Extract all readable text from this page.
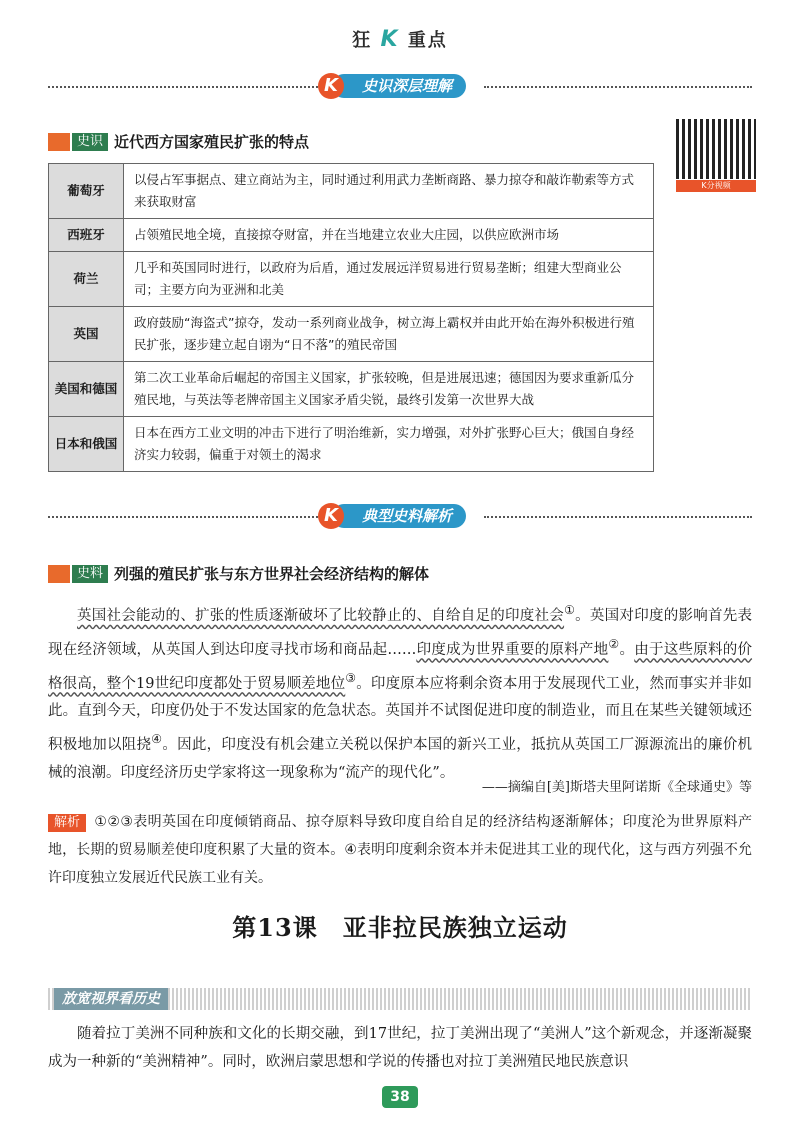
狂 K 重点
史识深层理解
K
史识 近代西方国家殖民扩张的特点
K分视频
葡萄牙	以侵占军事据点、建立商站为主，同时通过利用武力垄断商路、暴力掠夺和敲诈勒索等方式来获取财富
西班牙	占领殖民地全境，直接掠夺财富，并在当地建立农业大庄园，以供应欧洲市场
荷兰	几乎和英国同时进行，以政府为后盾，通过发展远洋贸易进行贸易垄断；组建大型商业公司；主要方向为亚洲和北美
英国	政府鼓励“海盗式”掠夺，发动一系列商业战争，树立海上霸权并由此开始在海外积极进行殖民扩张，逐步建立起自诩为“日不落”的殖民帝国
美国和德国	第二次工业革命后崛起的帝国主义国家，扩张较晚，但是进展迅速；德国因为要求重新瓜分殖民地，与英法等老牌帝国主义国家矛盾尖锐，最终引发第一次世界大战
日本和俄国	日本在西方工业文明的冲击下进行了明治维新，实力增强，对外扩张野心巨大；俄国自身经济实力较弱，偏重于对领土的渴求
典型史料解析
K
史料 列强的殖民扩张与东方世界社会经济结构的解体
英国社会能动的、扩张的性质逐渐破坏了比较静止的、自给自足的印度社会①。英国对印度的影响首先表现在经济领域，从英国人到达印度寻找市场和商品起……印度成为世界重要的原料产地②。由于这些原料的价格很高，整个19世纪印度都处于贸易顺差地位③。印度原本应将剩余资本用于发展现代工业，然而事实并非如此。直到今天，印度仍处于不发达国家的危急状态。英国并不试图促进印度的制造业，而且在某些关键领域还积极地加以阻挠④。因此，印度没有机会建立关税以保护本国的新兴工业，抵抗从英国工厂源源流出的廉价机械的浪潮。印度经济历史学家将这一现象称为“流产的现代化”。
——摘编自[美]斯塔夫里阿诺斯《全球通史》等
解析 ①②③表明英国在印度倾销商品、掠夺原料导致印度自给自足的经济结构逐渐解体；印度沦为世界原料产地，长期的贸易顺差使印度积累了大量的资本。④表明印度剩余资本并未促进其工业的现代化，这与西方列强不允许印度独立发展近代民族工业有关。
第13课　亚非拉民族独立运动
放宽视界看历史
随着拉丁美洲不同种族和文化的长期交融，到17世纪，拉丁美洲出现了“美洲人”这个新观念，并逐渐凝聚成为一种新的“美洲精神”。同时，欧洲启蒙思想和学说的传播也对拉丁美洲殖民地民族意识
38
